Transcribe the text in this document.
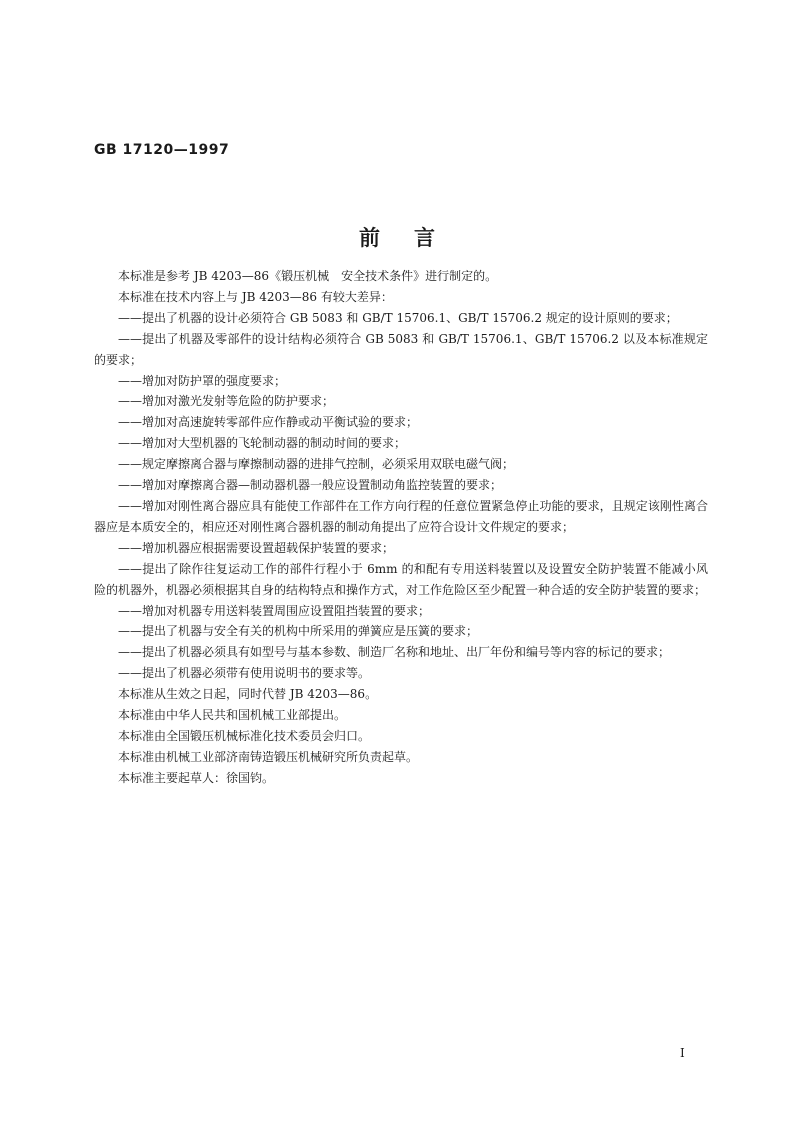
GB 17120—1997
前言

本标准是参考 JB 4203—86《锻压机械　安全技术条件》进行制定的。

本标准在技术内容上与 JB 4203—86 有较大差异：

——提出了机器的设计必须符合 GB 5083 和 GB/T 15706.1、GB/T 15706.2 规定的设计原则的要求；

——提出了机器及零部件的设计结构必须符合 GB 5083 和 GB/T 15706.1、GB/T 15706.2 以及本标准规定的要求；

——增加对防护罩的强度要求；

——增加对激光发射等危险的防护要求；

——增加对高速旋转零部件应作静或动平衡试验的要求；

——增加对大型机器的飞轮制动器的制动时间的要求；

——规定摩擦离合器与摩擦制动器的进排气控制，必须采用双联电磁气阀；

——增加对摩擦离合器—制动器机器一般应设置制动角监控装置的要求；

——增加对刚性离合器应具有能使工作部件在工作方向行程的任意位置紧急停止功能的要求，且规定该刚性离合器应是本质安全的，相应还对刚性离合器机器的制动角提出了应符合设计文件规定的要求；

——增加机器应根据需要设置超载保护装置的要求；

——提出了除作往复运动工作的部件行程小于 6mm 的和配有专用送料装置以及设置安全防护装置不能减小风险的机器外，机器必须根据其自身的结构特点和操作方式，对工作危险区至少配置一种合适的安全防护装置的要求；

——增加对机器专用送料装置周围应设置阻挡装置的要求；

——提出了机器与安全有关的机构中所采用的弹簧应是压簧的要求；

——提出了机器必须具有如型号与基本参数、制造厂名称和地址、出厂年份和编号等内容的标记的要求；

——提出了机器必须带有使用说明书的要求等。

本标准从生效之日起，同时代替 JB 4203—86。

本标准由中华人民共和国机械工业部提出。

本标准由全国锻压机械标准化技术委员会归口。

本标准由机械工业部济南铸造锻压机械研究所负责起草。

本标准主要起草人：徐国钧。

I
